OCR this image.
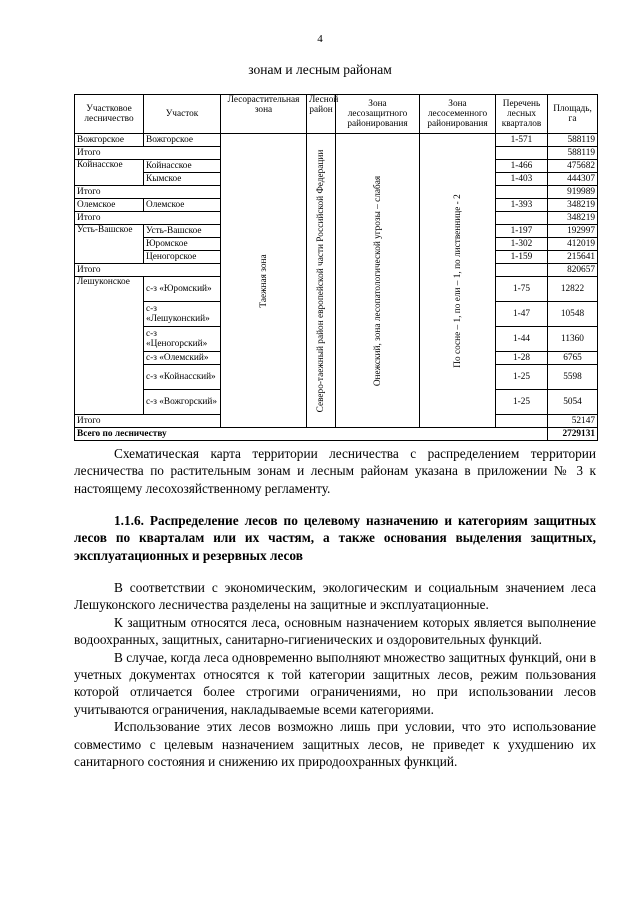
4
зонам и лесным районам
Участковое лесничество	Участок	Лесорастительная зона	Лесной район	Зона лесозащитного районирования	Зона лесосеменного районирования	Перечень лесных кварталов	Площадь, га
Вожгорское	Вожгорское	Таежная зона	Северо-таежный район европейской части Российской Федерации	Онежский, зона лесопатологической угрозы – слабая	По сосне – 1, по ели – 1, по лиственнице - 2	1-571	588119
Итого							588119
Койнасское	Койнасское					1-466	475682
	Кымское					1-403	444307
Итого							919989
Олемское	Олемское					1-393	348219
Итого							348219
Усть-Вашское	Усть-Вашское					1-197	192997
	Юромское					1-302	412019
	Ценогорское					1-159	215641
Итого							820657
Лешуконское	с-з «Юромский»					1-75	12822
	с-з «Лешуконский»					1-47	10548
	с-з «Ценогорский»					1-44	11360
	с-з «Олемский»					1-28	6765
	с-з «Койнасский»					1-25	5598
	с-з «Вожгорский»					1-25	5054
Итого							52147
Всего по лесничеству							2729131

Схематическая карта территории лесничества с распределением территории лесничества по растительным зонам и лесным районам указана в приложении № 3 к настоящему лесохозяйственному регламенту.

1.1.6. Распределение лесов по целевому назначению и категориям защитных лесов по кварталам или их частям, а также основания выделения защитных, эксплуатационных и резервных лесов

В соответствии с экономическим, экологическим и социальным значением леса Лешуконского лесничества разделены на защитные и эксплуатационные.

К защитным относятся леса, основным назначением которых является выполнение водоохранных, защитных, санитарно-гигиенических и оздоровительных функций.

В случае, когда леса одновременно выполняют множество защитных функций, они в учетных документах относятся к той категории защитных лесов, режим пользования которой отличается более строгими ограничениями, но при использовании лесов учитываются ограничения, накладываемые всеми категориями.

Использование этих лесов возможно лишь при условии, что это использование совместимо с целевым назначением защитных лесов, не приведет к ухудшению их санитарного состояния и снижению их природоохранных функций.
